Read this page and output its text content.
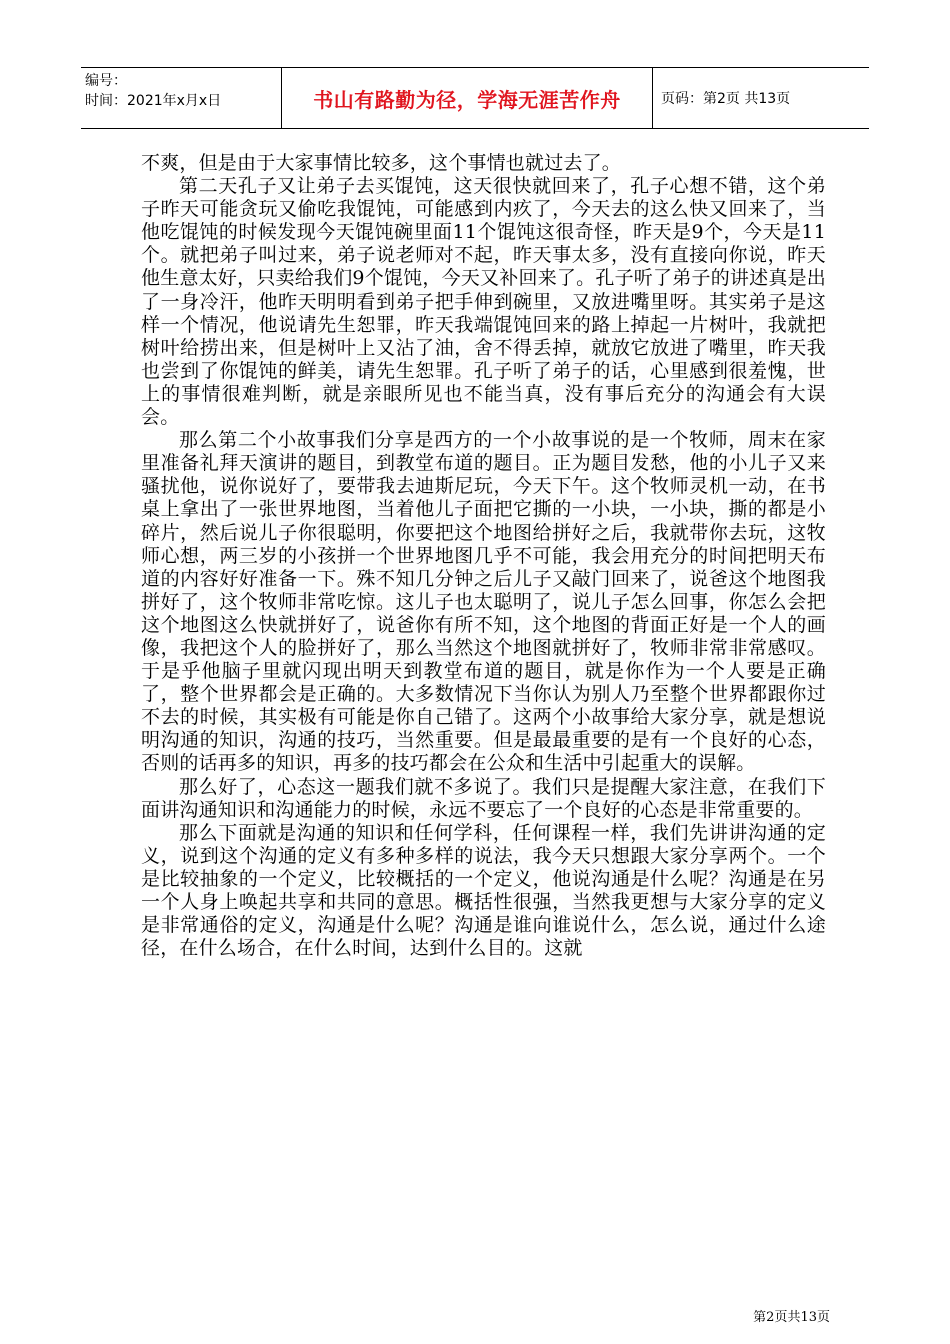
编号：
时间：2021年x月x日	书山有路勤为径，学海无涯苦作舟	页码：第2页 共13页

不爽，但是由于大家事情比较多，这个事情也就过去了。

第二天孔子又让弟子去买馄饨，这天很快就回来了，孔子心想不错，这个弟子昨天可能贪玩又偷吃我馄饨，可能感到内疚了，今天去的这么快又回来了，当他吃馄饨的时候发现今天馄饨碗里面11个馄饨这很奇怪，昨天是9个，今天是11个。就把弟子叫过来，弟子说老师对不起，昨天事太多，没有直接向你说，昨天他生意太好，只卖给我们9个馄饨，今天又补回来了。孔子听了弟子的讲述真是出了一身冷汗，他昨天明明看到弟子把手伸到碗里，又放进嘴里呀。其实弟子是这样一个情况，他说请先生恕罪，昨天我端馄饨回来的路上掉起一片树叶，我就把树叶给捞出来，但是树叶上又沾了油，舍不得丢掉，就放它放进了嘴里，昨天我也尝到了你馄饨的鲜美，请先生恕罪。孔子听了弟子的话，心里感到很羞愧，世上的事情很难判断，就是亲眼所见也不能当真，没有事后充分的沟通会有大误会。

那么第二个小故事我们分享是西方的一个小故事说的是一个牧师，周末在家里准备礼拜天演讲的题目，到教堂布道的题目。正为题目发愁，他的小儿子又来骚扰他，说你说好了，要带我去迪斯尼玩，今天下午。这个牧师灵机一动，在书桌上拿出了一张世界地图，当着他儿子面把它撕的一小块，一小块，撕的都是小碎片，然后说儿子你很聪明，你要把这个地图给拼好之后，我就带你去玩，这牧师心想，两三岁的小孩拼一个世界地图几乎不可能，我会用充分的时间把明天布道的内容好好准备一下。殊不知几分钟之后儿子又敲门回来了，说爸这个地图我拼好了，这个牧师非常吃惊。这儿子也太聪明了，说儿子怎么回事，你怎么会把这个地图这么快就拼好了，说爸你有所不知，这个地图的背面正好是一个人的画像，我把这个人的脸拼好了，那么当然这个地图就拼好了，牧师非常非常感叹。于是乎他脑子里就闪现出明天到教堂布道的题目，就是你作为一个人要是正确了，整个世界都会是正确的。大多数情况下当你认为别人乃至整个世界都跟你过不去的时候，其实极有可能是你自己错了。这两个小故事给大家分享，就是想说明沟通的知识，沟通的技巧，当然重要。但是最最重要的是有一个良好的心态，否则的话再多的知识，再多的技巧都会在公众和生活中引起重大的误解。

那么好了，心态这一题我们就不多说了。我们只是提醒大家注意，在我们下面讲沟通知识和沟通能力的时候，永远不要忘了一个良好的心态是非常重要的。

那么下面就是沟通的知识和任何学科，任何课程一样，我们先讲讲沟通的定义，说到这个沟通的定义有多种多样的说法，我今天只想跟大家分享两个。一个是比较抽象的一个定义，比较概括的一个定义，他说沟通是什么呢？沟通是在另一个人身上唤起共享和共同的意思。概括性很强，当然我更想与大家分享的定义是非常通俗的定义，沟通是什么呢？沟通是谁向谁说什么，怎么说，通过什么途径，在什么场合，在什么时间，达到什么目的。这就

第2页共13页
